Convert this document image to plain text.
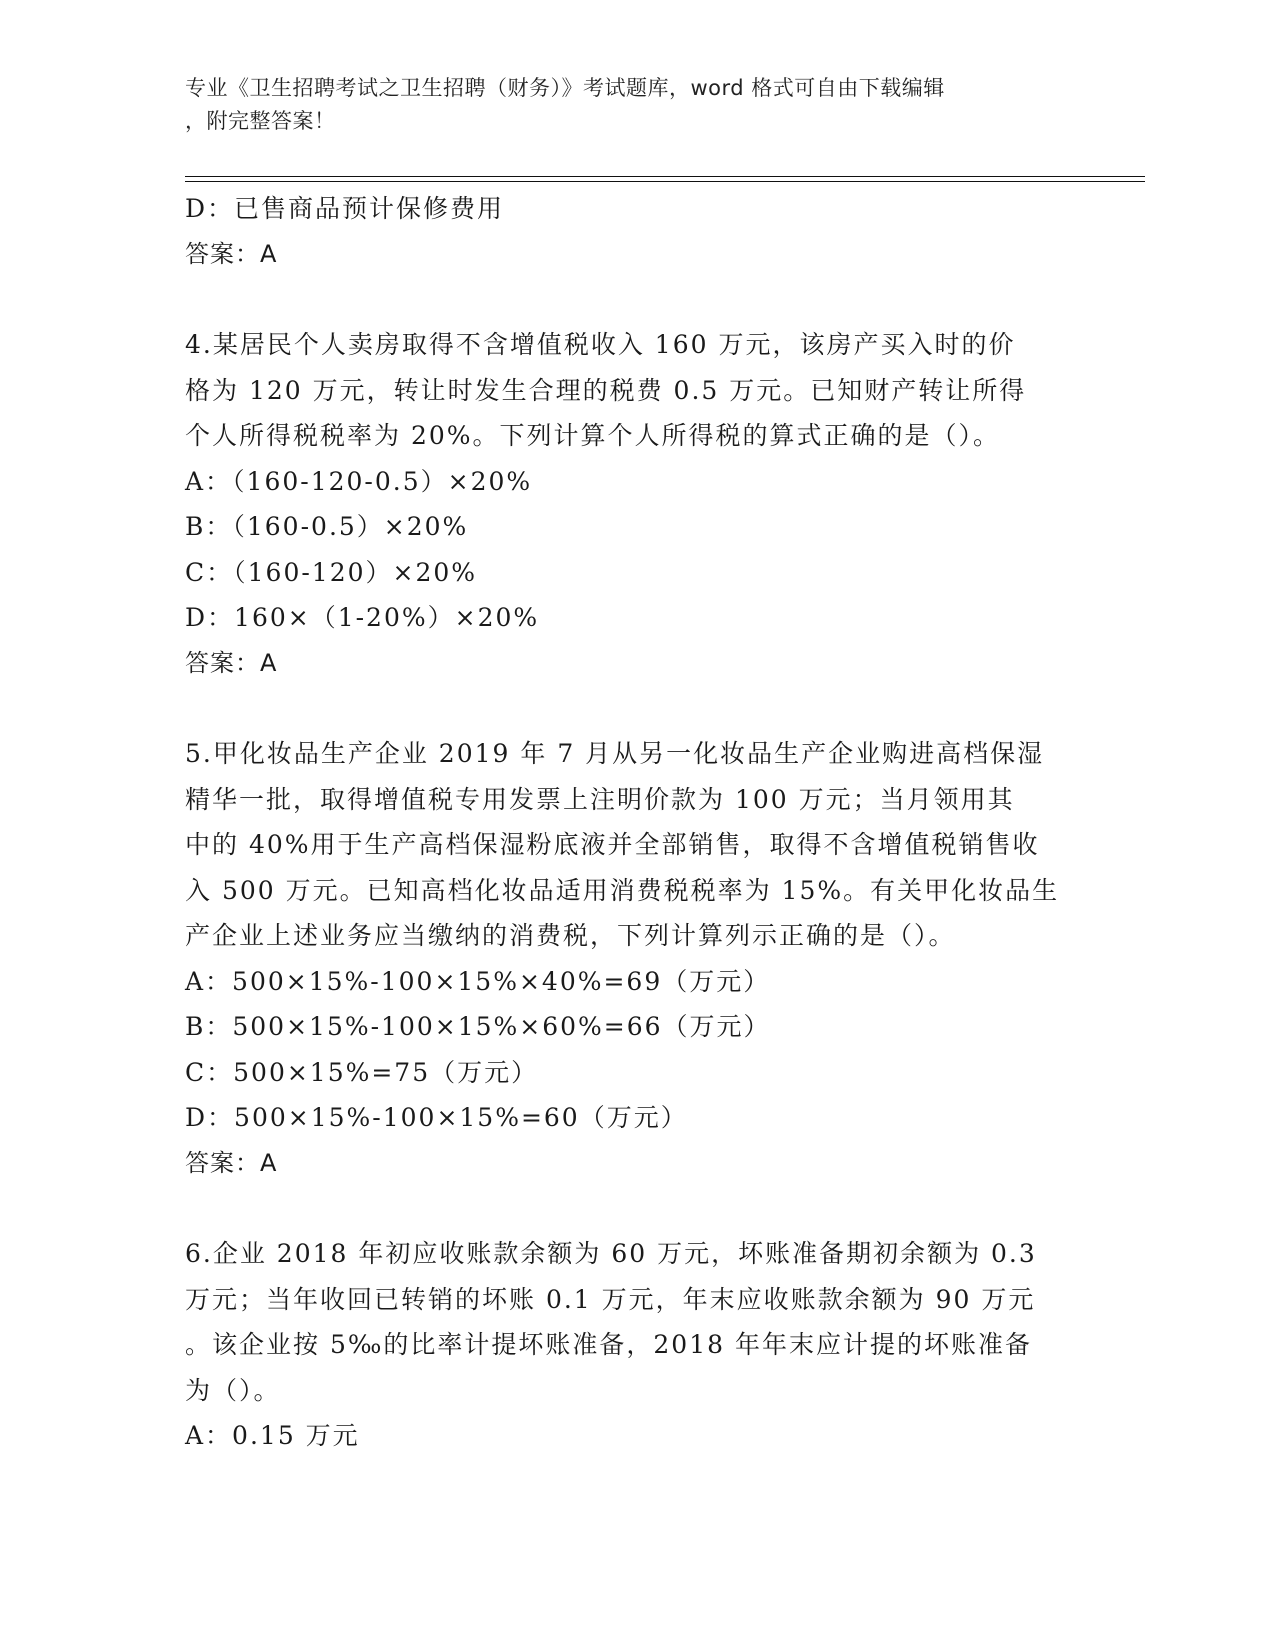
专业《卫生招聘考试之卫生招聘（财务）》考试题库，word 格式可自由下载编辑
，附完整答案！
D：已售商品预计保修费用
答案：A
4.某居民个人卖房取得不含增值税收入 160 万元，该房产买入时的价
格为 120 万元，转让时发生合理的税费 0.5 万元。已知财产转让所得
个人所得税税率为 20%。下列计算个人所得税的算式正确的是（）。
A：（160-120-0.5）×20%
B：（160-0.5）×20%
C：（160-120）×20%
D：160×（1-20%）×20%
答案：A
5.甲化妆品生产企业 2019 年 7 月从另一化妆品生产企业购进高档保湿
精华一批，取得增值税专用发票上注明价款为 100 万元；当月领用其
中的 40%用于生产高档保湿粉底液并全部销售，取得不含增值税销售收
入 500 万元。已知高档化妆品适用消费税税率为 15%。有关甲化妆品生
产企业上述业务应当缴纳的消费税，下列计算列示正确的是（）。
A：500×15%-100×15%×40%=69（万元）
B：500×15%-100×15%×60%=66（万元）
C：500×15%=75（万元）
D：500×15%-100×15%=60（万元）
答案：A
6.企业 2018 年初应收账款余额为 60 万元，坏账准备期初余额为 0.3
万元；当年收回已转销的坏账 0.1 万元，年末应收账款余额为 90 万元
。该企业按 5‰的比率计提坏账准备，2018 年年末应计提的坏账准备
为（）。
A：0.15 万元
